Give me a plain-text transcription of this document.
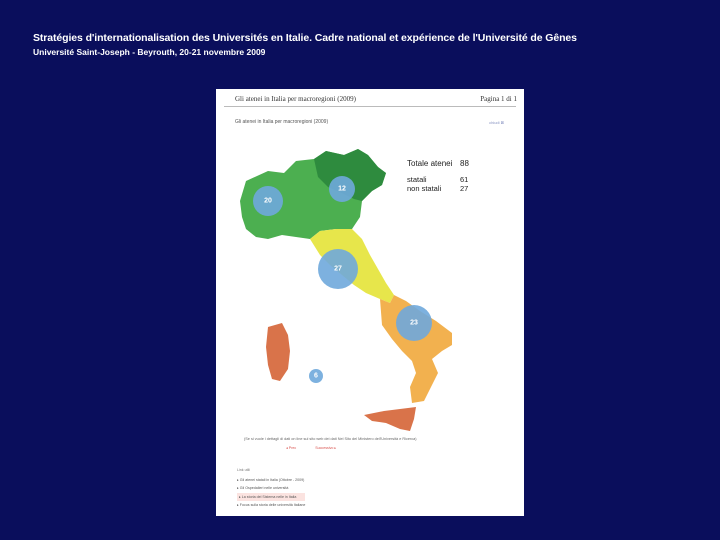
Stratégies d'internationalisation des Universités en Italie. Cadre national et expérience de l'Université de Gênes
Université Saint-Joseph - Beyrouth, 20-21 novembre 2009
Gli atenei in Italia per macroregioni (2009)	Pagina 1 di 1
Gli atenei in Italia per macroregioni (2009)	chiudi ⊠
20
12
27
23
6
Totale atenei 88
statali	61
non statali	27
(Se si vuole i dettagli di dati on line sul sito web dei dati Nel Sito del Ministero dell'Università e Ricerca)
◂ Prec	Successivo ▸
Link utili
▸ Gli atenei statali in Italia (Ottobre - 2009)
▸ Gli Ospedalieri nelle università
▸ La storia del Sistema nelle in Italia
▸ Focus sulla storia delle università Italiane
